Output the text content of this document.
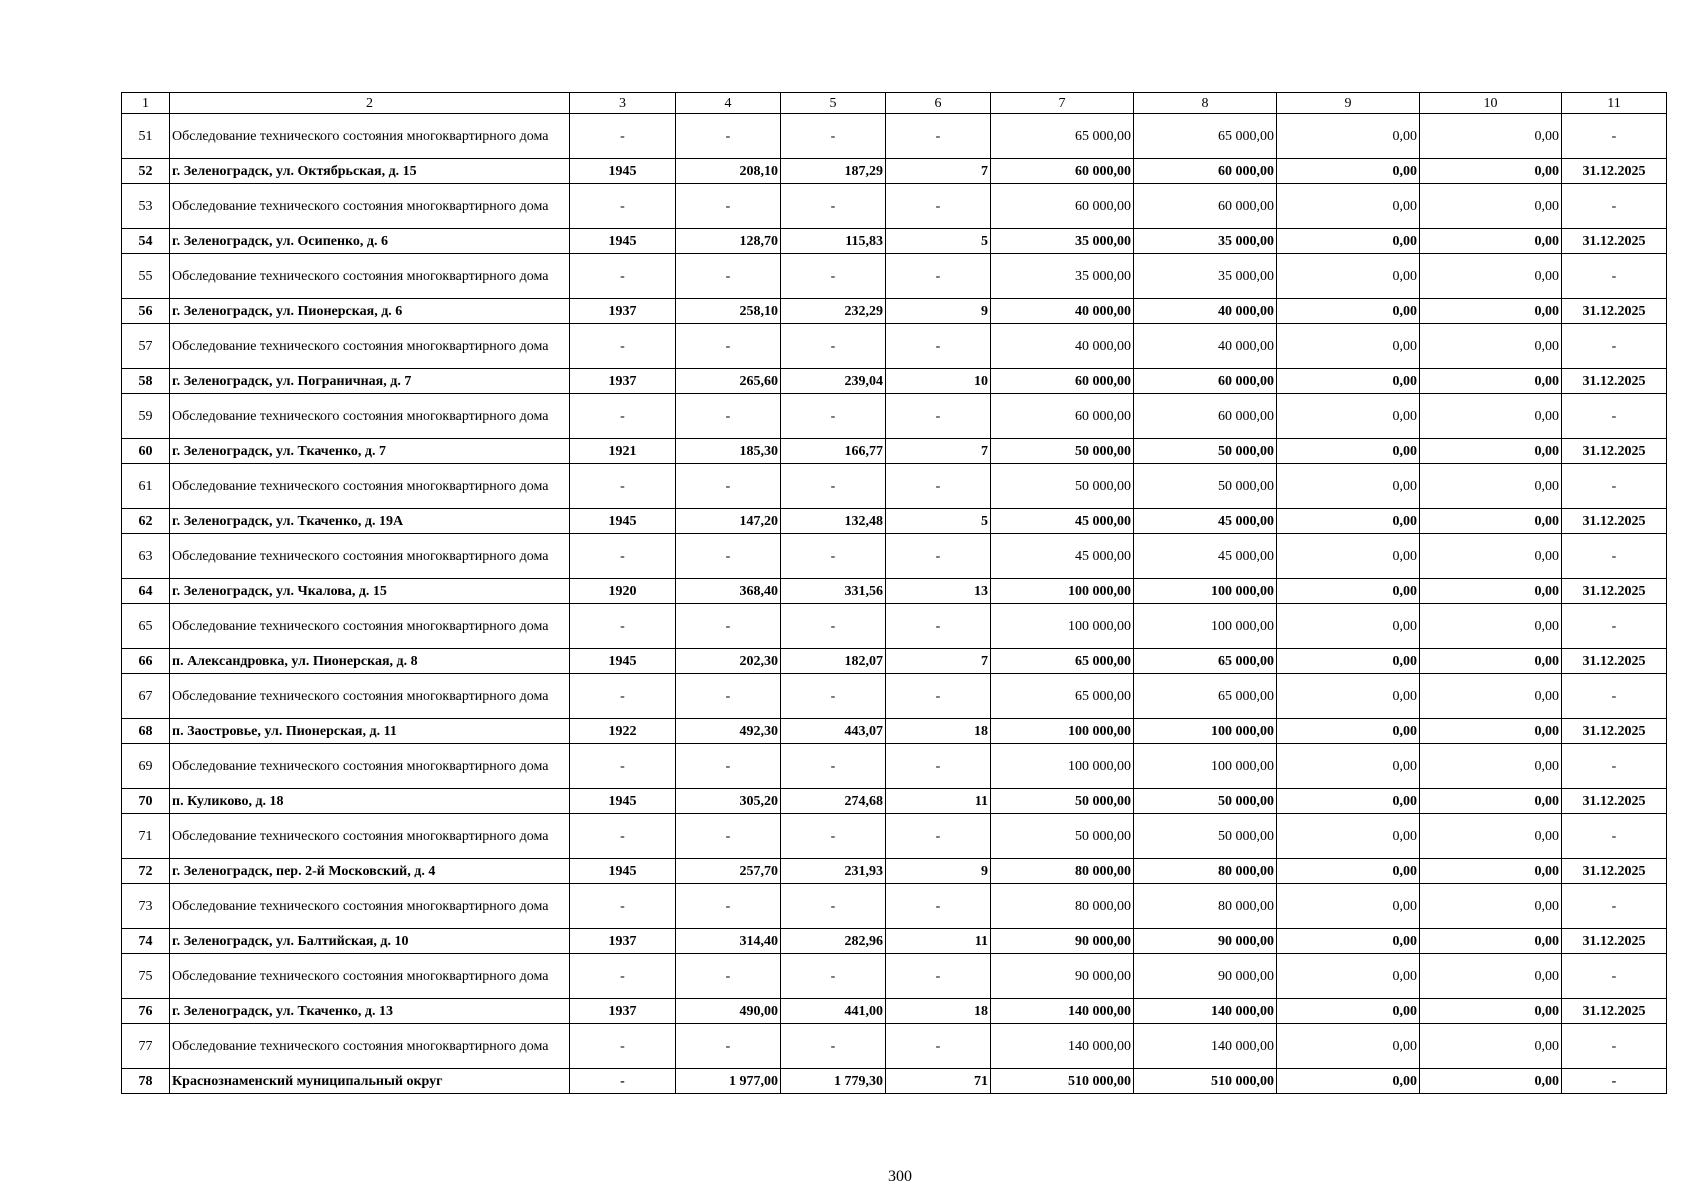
1	2	3	4	5	6	7	8	9	10	11
51	Обследование технического состояния многоквартирного дома	-	-	-	-	65 000,00	65 000,00	0,00	0,00	-
52	г. Зеленоградск, ул. Октябрьская, д. 15	1945	208,10	187,29	7	60 000,00	60 000,00	0,00	0,00	31.12.2025
53	Обследование технического состояния многоквартирного дома	-	-	-	-	60 000,00	60 000,00	0,00	0,00	-
54	г. Зеленоградск, ул. Осипенко, д. 6	1945	128,70	115,83	5	35 000,00	35 000,00	0,00	0,00	31.12.2025
55	Обследование технического состояния многоквартирного дома	-	-	-	-	35 000,00	35 000,00	0,00	0,00	-
56	г. Зеленоградск, ул. Пионерская, д. 6	1937	258,10	232,29	9	40 000,00	40 000,00	0,00	0,00	31.12.2025
57	Обследование технического состояния многоквартирного дома	-	-	-	-	40 000,00	40 000,00	0,00	0,00	-
58	г. Зеленоградск, ул. Пограничная, д. 7	1937	265,60	239,04	10	60 000,00	60 000,00	0,00	0,00	31.12.2025
59	Обследование технического состояния многоквартирного дома	-	-	-	-	60 000,00	60 000,00	0,00	0,00	-
60	г. Зеленоградск, ул. Ткаченко, д. 7	1921	185,30	166,77	7	50 000,00	50 000,00	0,00	0,00	31.12.2025
61	Обследование технического состояния многоквартирного дома	-	-	-	-	50 000,00	50 000,00	0,00	0,00	-
62	г. Зеленоградск, ул. Ткаченко, д. 19А	1945	147,20	132,48	5	45 000,00	45 000,00	0,00	0,00	31.12.2025
63	Обследование технического состояния многоквартирного дома	-	-	-	-	45 000,00	45 000,00	0,00	0,00	-
64	г. Зеленоградск, ул. Чкалова, д. 15	1920	368,40	331,56	13	100 000,00	100 000,00	0,00	0,00	31.12.2025
65	Обследование технического состояния многоквартирного дома	-	-	-	-	100 000,00	100 000,00	0,00	0,00	-
66	п. Александровка, ул. Пионерская, д. 8	1945	202,30	182,07	7	65 000,00	65 000,00	0,00	0,00	31.12.2025
67	Обследование технического состояния многоквартирного дома	-	-	-	-	65 000,00	65 000,00	0,00	0,00	-
68	п. Заостровье, ул. Пионерская, д. 11	1922	492,30	443,07	18	100 000,00	100 000,00	0,00	0,00	31.12.2025
69	Обследование технического состояния многоквартирного дома	-	-	-	-	100 000,00	100 000,00	0,00	0,00	-
70	п. Куликово, д. 18	1945	305,20	274,68	11	50 000,00	50 000,00	0,00	0,00	31.12.2025
71	Обследование технического состояния многоквартирного дома	-	-	-	-	50 000,00	50 000,00	0,00	0,00	-
72	г. Зеленоградск, пер. 2-й Московский, д. 4	1945	257,70	231,93	9	80 000,00	80 000,00	0,00	0,00	31.12.2025
73	Обследование технического состояния многоквартирного дома	-	-	-	-	80 000,00	80 000,00	0,00	0,00	-
74	г. Зеленоградск, ул. Балтийская, д. 10	1937	314,40	282,96	11	90 000,00	90 000,00	0,00	0,00	31.12.2025
75	Обследование технического состояния многоквартирного дома	-	-	-	-	90 000,00	90 000,00	0,00	0,00	-
76	г. Зеленоградск, ул. Ткаченко, д. 13	1937	490,00	441,00	18	140 000,00	140 000,00	0,00	0,00	31.12.2025
77	Обследование технического состояния многоквартирного дома	-	-	-	-	140 000,00	140 000,00	0,00	0,00	-
78	Краснознаменский муниципальный округ	-	1 977,00	1 779,30	71	510 000,00	510 000,00	0,00	0,00	-
300
